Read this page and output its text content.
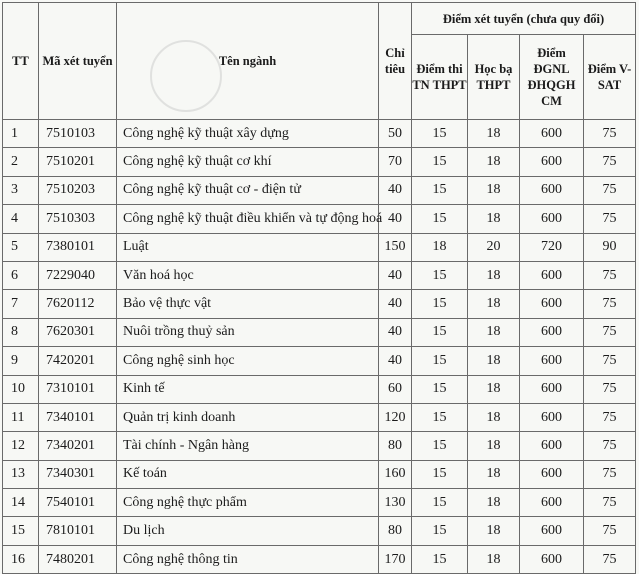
TT	Mã xét tuyển	Tên ngành	Chỉ tiêu	Điểm xét tuyển (chưa quy đổi)			
				Điểm thi TN THPT	Học bạ THPT	Điểm ĐGNL ĐHQGH CM	Điểm V-SAT
1	7510103	Công nghệ kỹ thuật xây dựng	50	15	18	600	75
2	7510201	Công nghệ kỹ thuật cơ khí	70	15	18	600	75
3	7510203	Công nghệ kỹ thuật cơ - điện tử	40	15	18	600	75
4	7510303	Công nghệ kỹ thuật điều khiển và tự động hoá	40	15	18	600	75
5	7380101	Luật	150	18	20	720	90
6	7229040	Văn hoá học	40	15	18	600	75
7	7620112	Bảo vệ thực vật	40	15	18	600	75
8	7620301	Nuôi trồng thuỷ sản	40	15	18	600	75
9	7420201	Công nghệ sinh học	40	15	18	600	75
10	7310101	Kinh tế	60	15	18	600	75
11	7340101	Quản trị kinh doanh	120	15	18	600	75
12	7340201	Tài chính - Ngân hàng	80	15	18	600	75
13	7340301	Kế toán	160	15	18	600	75
14	7540101	Công nghệ thực phẩm	130	15	18	600	75
15	7810101	Du lịch	80	15	18	600	75
16	7480201	Công nghệ thông tin	170	15	18	600	75
